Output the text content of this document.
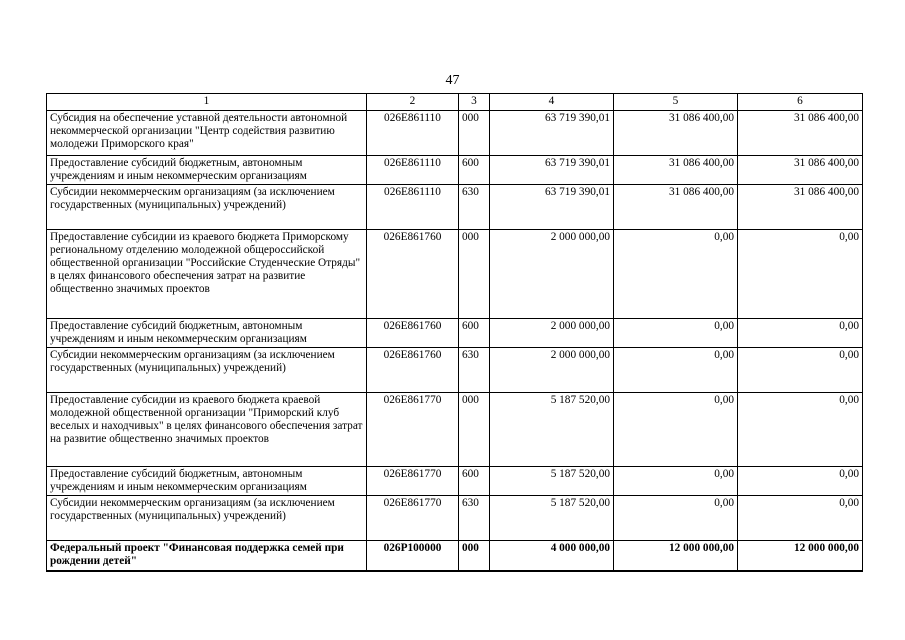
47
1	2	3	4	5	6
Субсидия на обеспечение уставной деятельности автономной некоммерческой организации "Центр содействия развитию молодежи Приморского края"	026E861110	000	63 719 390,01	31 086 400,00	31 086 400,00
Предоставление субсидий бюджетным, автономным учреждениям и иным некоммерческим организациям	026E861110	600	63 719 390,01	31 086 400,00	31 086 400,00
Субсидии некоммерческим организациям (за исключением государственных (муниципальных) учреждений)	026E861110	630	63 719 390,01	31 086 400,00	31 086 400,00
Предоставление субсидии из краевого бюджета Приморскому региональному отделению молодежной общероссийской общественной организации "Российские Студенческие Отряды" в целях финансового обеспечения затрат на развитие общественно значимых проектов	026E861760	000	2 000 000,00	0,00	0,00
Предоставление субсидий бюджетным, автономным учреждениям и иным некоммерческим организациям	026E861760	600	2 000 000,00	0,00	0,00
Субсидии некоммерческим организациям (за исключением государственных (муниципальных) учреждений)	026E861760	630	2 000 000,00	0,00	0,00
Предоставление субсидии из краевого бюджета краевой молодежной общественной организации "Приморский клуб веселых и находчивых" в целях финансового обеспечения затрат на развитие общественно значимых проектов	026E861770	000	5 187 520,00	0,00	0,00
Предоставление субсидий бюджетным, автономным учреждениям и иным некоммерческим организациям	026E861770	600	5 187 520,00	0,00	0,00
Субсидии некоммерческим организациям (за исключением государственных (муниципальных) учреждений)	026E861770	630	5 187 520,00	0,00	0,00
Федеральный проект "Финансовая поддержка семей при рождении детей"	026P100000	000	4 000 000,00	12 000 000,00	12 000 000,00
